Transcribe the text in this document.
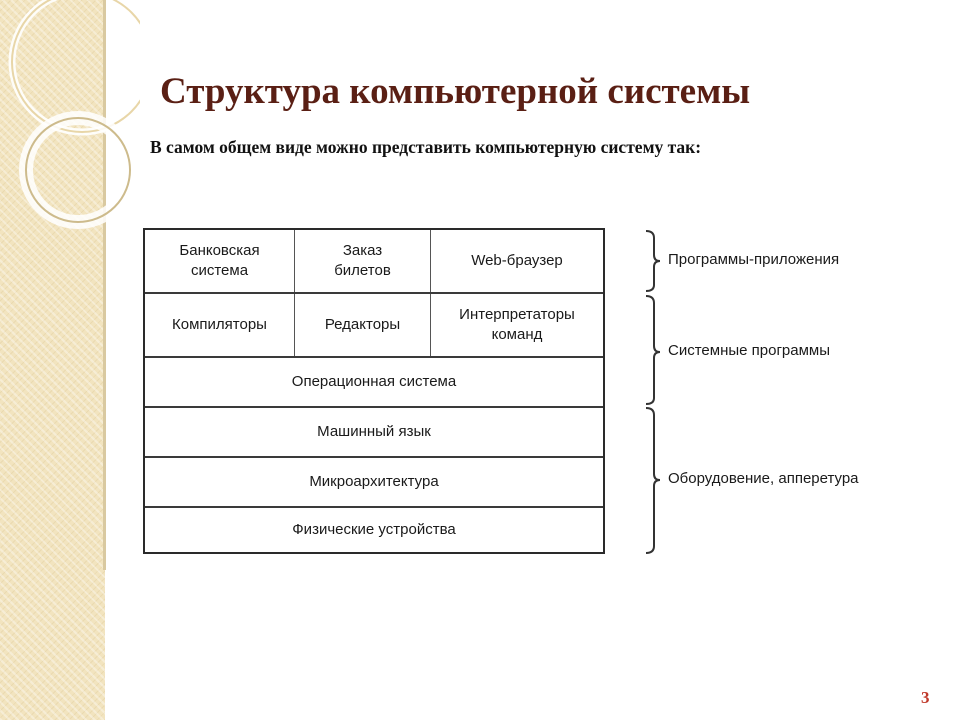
Структура компьютерной системы

В самом общем виде можно представить компьютерную систему так:

Банковская
система
Заказ
билетов
Web-браузер
Компиляторы	Редакторы
Интерпретаторы
команд
Операционная система
Машинный язык
Микроархитектура
Физические устройства
Программы-приложения
Системные программы
Оборудовение, апперетура
3
